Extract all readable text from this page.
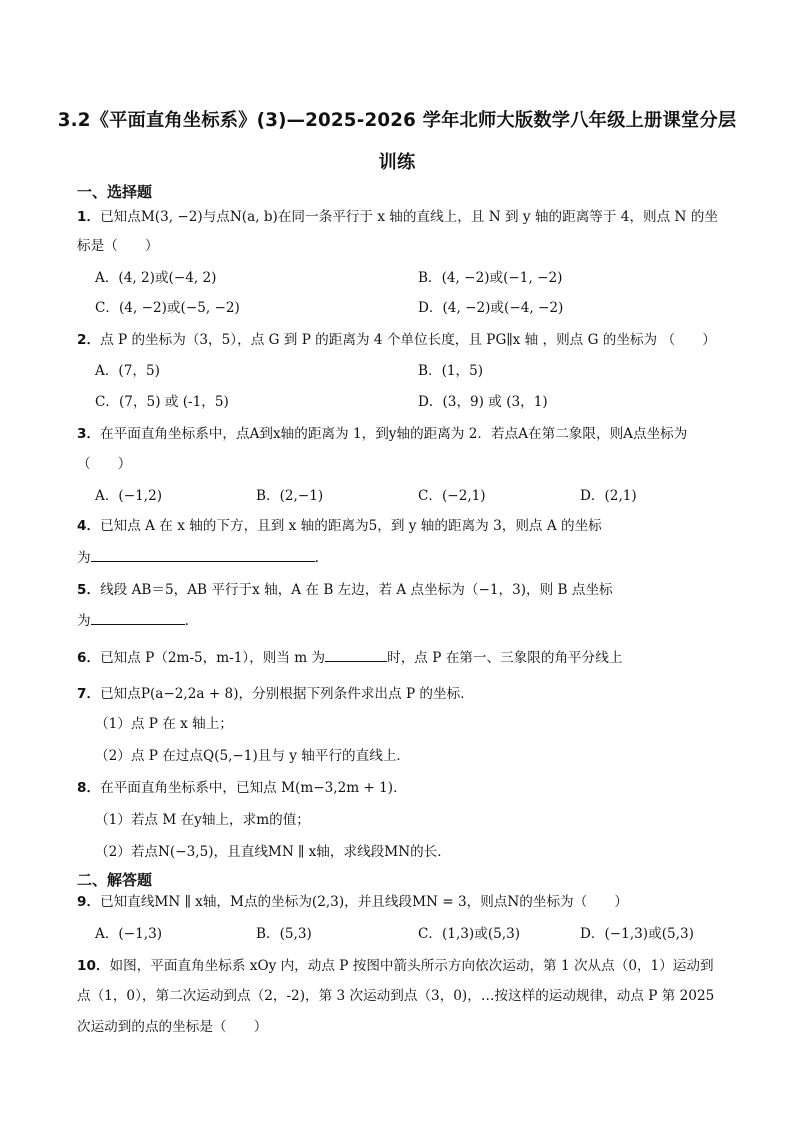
3.2《平面直角坐标系》(3)—2025-2026 学年北师大版数学八年级上册课堂分层
训练
一、选择题
1．已知点M(3, −2)与点N(a, b)在同一条平行于 x 轴的直线上，且 N 到 y 轴的距离等于 4，则点 N 的坐
标是（　　）
A．(4, 2)或(−4, 2)	B．(4, −2)或(−1, −2)
C．(4, −2)或(−5, −2)	D．(4, −2)或(−4, −2)
2．点 P 的坐标为（3，5），点 G 到 P 的距离为 4 个单位长度，且 PG∥x 轴 ，则点 G 的坐标为 （　　）
A．(7，5)	B．(1，5)
C．(7，5) 或 (-1，5)	D．(3，9) 或 (3，1)
3．在平面直角坐标系中，点A到x轴的距离为 1，到y轴的距离为 2．若点A在第二象限，则A点坐标为
（　　）
A．(−1,2)	B．(2,−1)	C．(−2,1)	D．(2,1)
4．已知点 A 在 x 轴的下方，且到 x 轴的距离为5，到 y 轴的距离为 3，则点 A 的坐标
为	.
5．线段 AB＝5，AB 平行于x 轴，A 在 B 左边，若 A 点坐标为（−1，3)，则 B 点坐标
为	.
6．已知点 P（2m-5，m-1），则当 m 为	时，点 P 在第一、三象限的角平分线上
7．已知点P(a−2,2a + 8)，分别根据下列条件求出点 P 的坐标．
（1）点 P 在 x 轴上；
（2）点 P 在过点Q(5,−1)且与 y 轴平行的直线上．
8．在平面直角坐标系中，已知点 M(m−3,2m + 1)．
（1）若点 M 在y轴上，求m的值；
（2）若点N(−3,5)，且直线MN ∥ x轴，求线段MN的长．
二、解答题
9．已知直线MN ∥ x轴，M点的坐标为(2,3)，并且线段MN = 3，则点N的坐标为（　　）
A．(−1,3)	B．(5,3)	C．(1,3)或(5,3)	D．(−1,3)或(5,3)
10．如图，平面直角坐标系 xOy 内，动点 P 按图中箭头所示方向依次运动，第 1 次从点（0，1）运动到
点（1，0），第二次运动到点（2，-2)，第 3 次运动到点（3，0)，…按这样的运动规律，动点 P 第 2025
次运动到的点的坐标是（　　）
